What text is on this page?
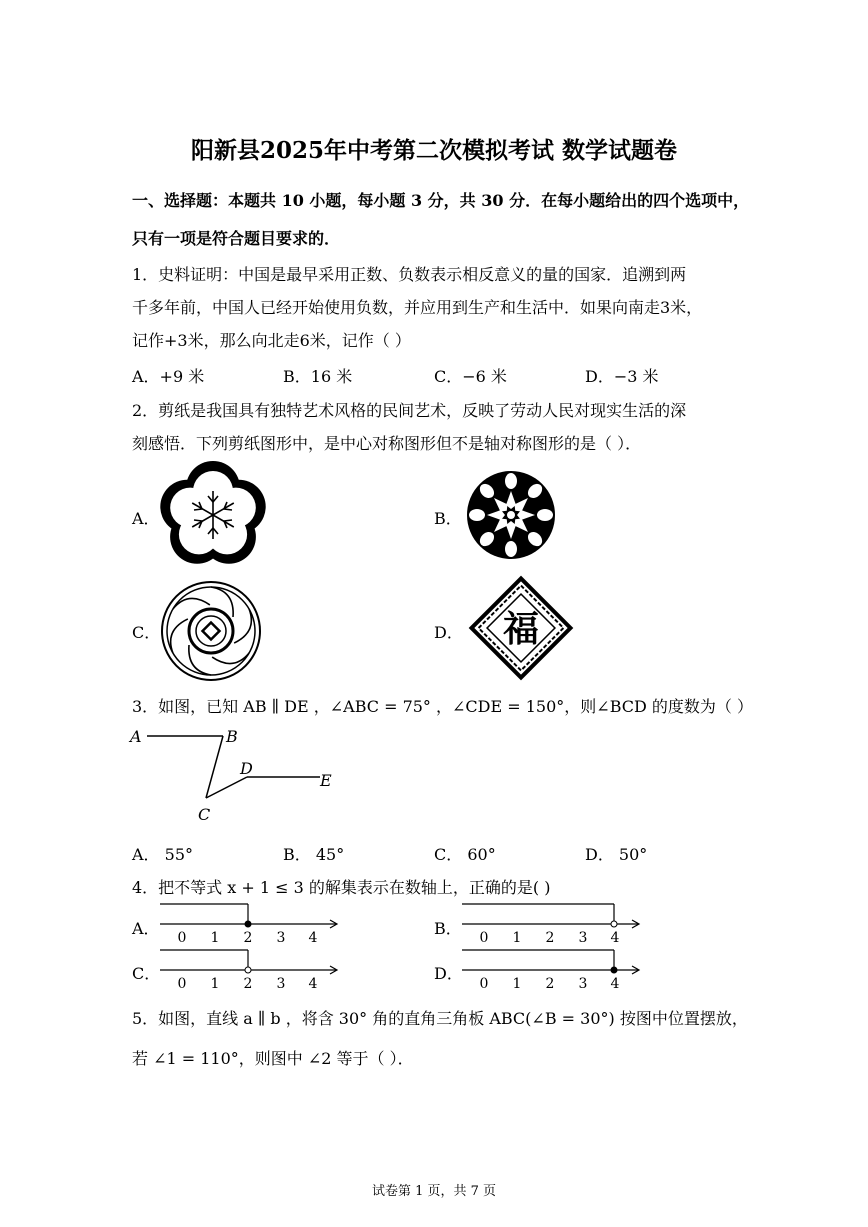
阳新县2025年中考第二次模拟考试 数学试题卷
一、选择题：本题共 10 小题，每小题 3 分，共 30 分．在每小题给出的四个选项中，
只有一项是符合题目要求的．
1．史料证明：中国是最早采用正数、负数表示相反意义的量的国家．追溯到两
千多年前，中国人已经开始使用负数，并应用到生产和生活中．如果向南走3米，
记作+3米，那么向北走6米，记作（ ）
A．+9 米	B．16 米	C．−6 米	D．−3 米
2．剪纸是我国具有独特艺术风格的民间艺术，反映了劳动人民对现实生活的深
刻感悟．下列剪纸图形中，是中心对称图形但不是轴对称图形的是（ ）．
A．	B．
C．	D． 福
3．如图，已知 AB ∥ DE ，∠ABC = 75° ，∠CDE = 150°，则∠BCD 的度数为（ ）
A	B
C
D
E
A． 55°	B． 45°	C． 60°	D． 50°
4．把不等式 x + 1 ≤ 3 的解集表示在数轴上，正确的是( )
A． 0 1 2 3 4	B． 0 1 2 3 4
C．
0 1 2 3 4
D．
0 1 2 3 4
5．如图，直线 a ∥ b ，将含 30° 角的直角三角板 ABC(∠B = 30°) 按图中位置摆放，
若 ∠1 = 110°，则图中 ∠2 等于（ ）．
试卷第 1 页，共 7 页
